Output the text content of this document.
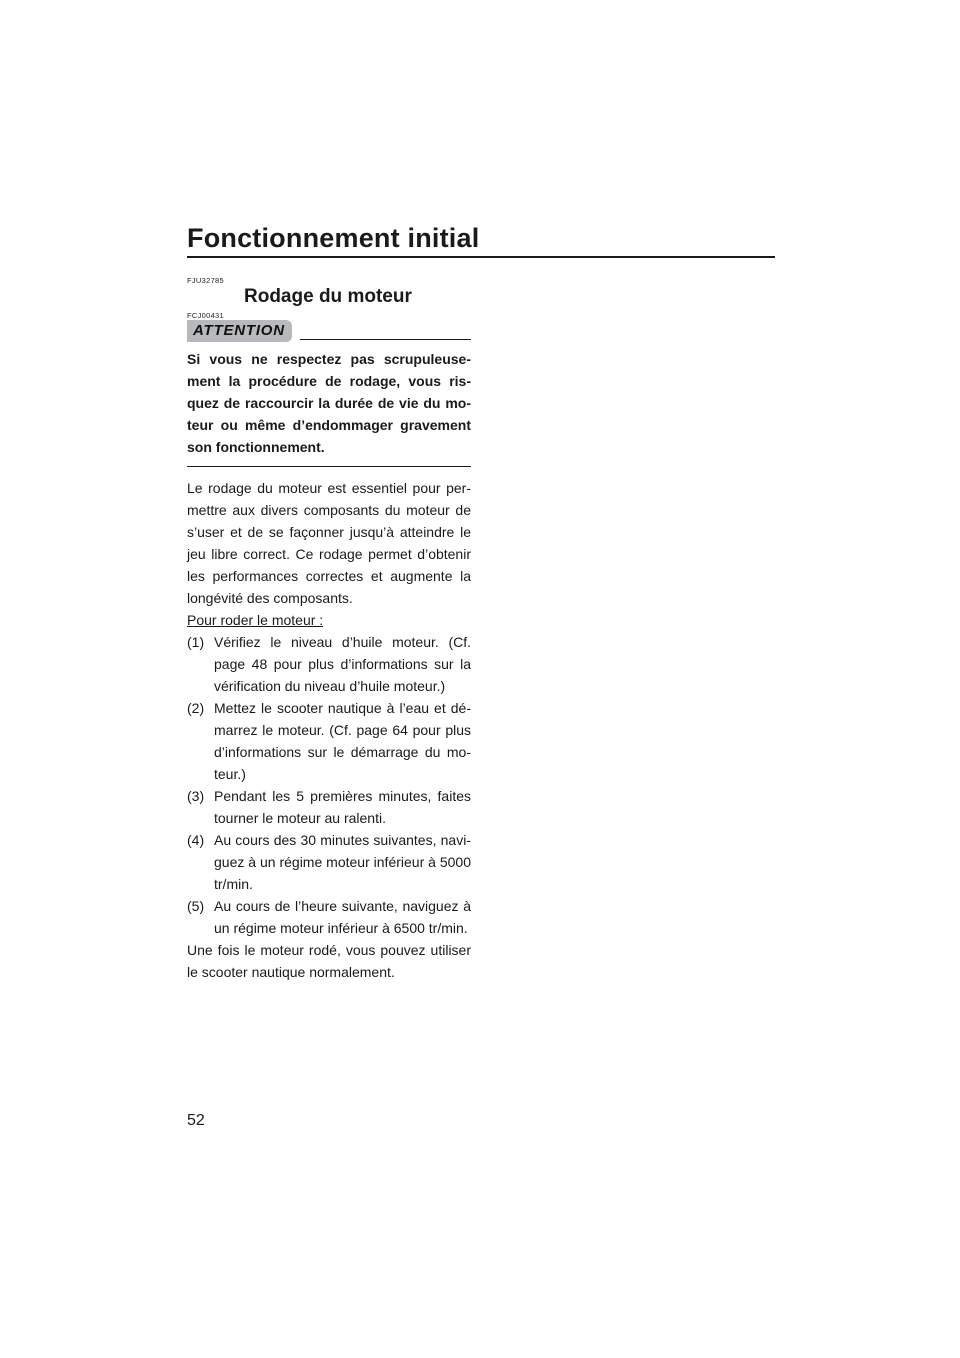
Fonctionnement initial
FJU32785
Rodage du moteur
FCJ00431
ATTENTION

Si vous ne respectez pas scrupuleuse-ment la procédure de rodage, vous ris-quez de raccourcir la durée de vie du mo-teur ou même d’endommager gravement son fonctionnement.

Le rodage du moteur est essentiel pour per-mettre aux divers composants du moteur de s’user et de se façonner jusqu’à atteindre le jeu libre correct. Ce rodage permet d’obtenir les performances correctes et augmente la longévité des composants.

Pour roder le moteur :

(1) Vérifiez le niveau d’huile moteur. (Cf. page 48 pour plus d’informations sur la vérification du niveau d’huile moteur.)
(2) Mettez le scooter nautique à l’eau et dé-marrez le moteur. (Cf. page 64 pour plus d’informations sur le démarrage du mo-teur.)
(3) Pendant les 5 premières minutes, faites tourner le moteur au ralenti.
(4) Au cours des 30 minutes suivantes, navi-guez à un régime moteur inférieur à 5000 tr/min.
(5) Au cours de l’heure suivante, naviguez à un régime moteur inférieur à 6500 tr/min.

Une fois le moteur rodé, vous pouvez utiliser le scooter nautique normalement.

52
